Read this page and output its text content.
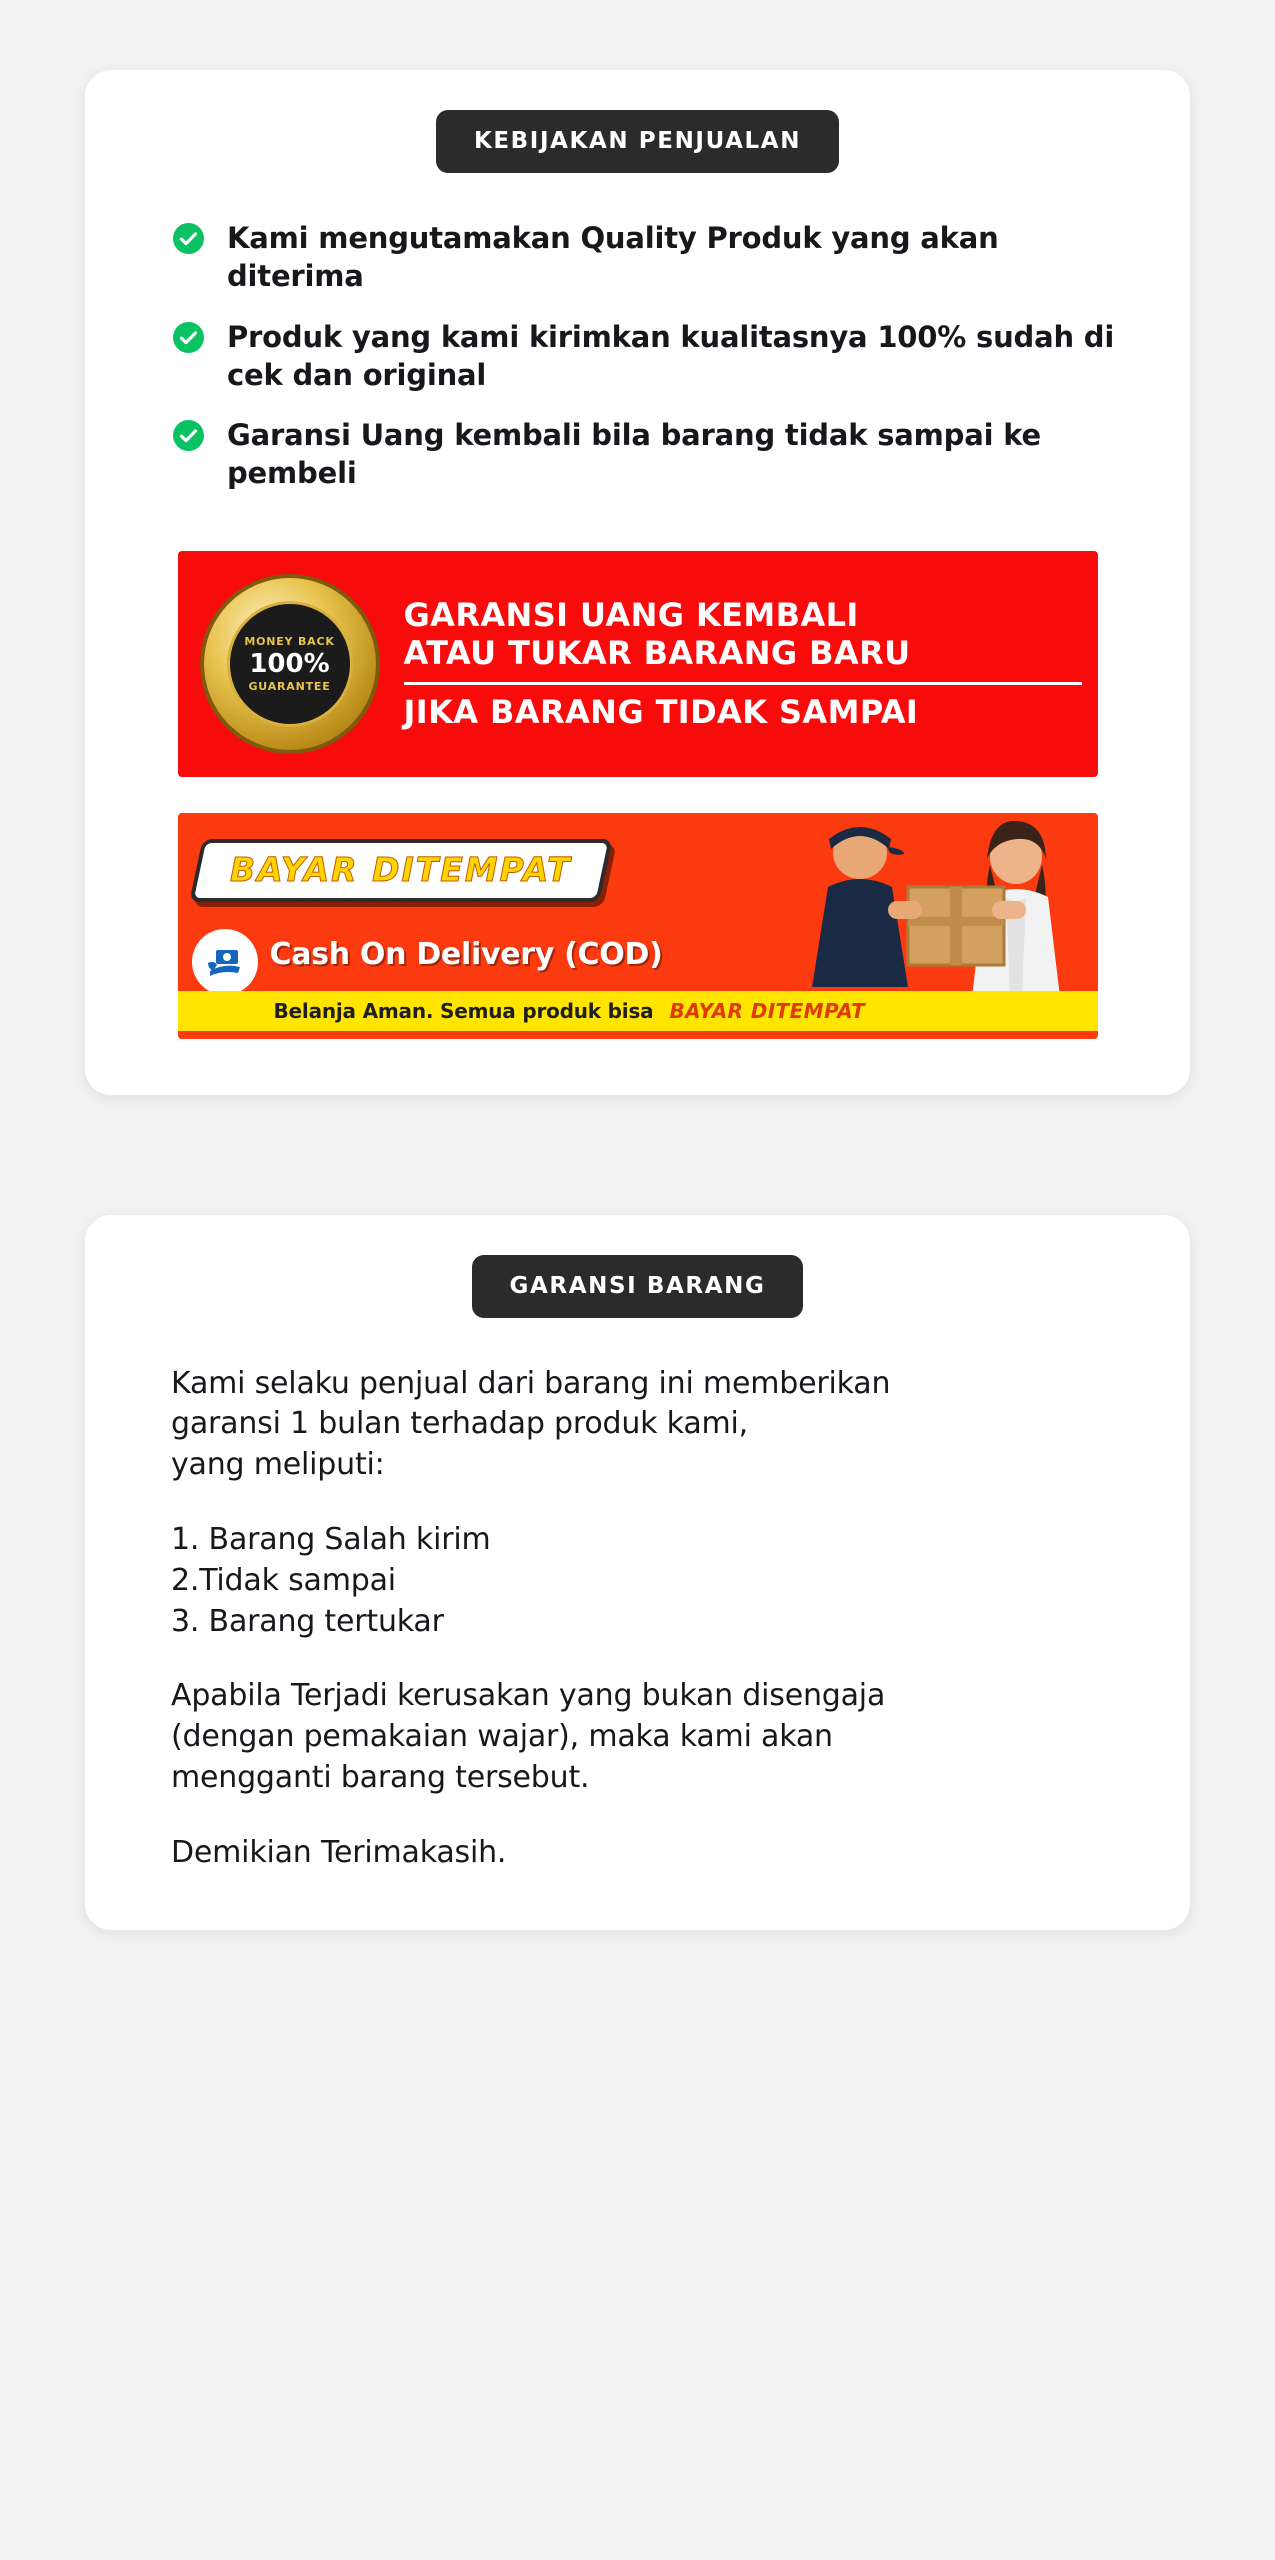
KEBIJAKAN PENJUALAN
Kami mengutamakan Quality Produk yang akan diterima
Produk yang kami kirimkan kualitasnya 100% sudah di cek dan original
Garansi Uang kembali bila barang tidak sampai ke pembeli
MONEY BACK
100%
GUARANTEE
GARANSI UANG KEMBALI
ATAU TUKAR BARANG BARU
JIKA BARANG TIDAK SAMPAI
BAYAR DITEMPAT
Cash On Delivery (COD)
Belanja Aman. Semua produk bisa BAYAR DITEMPAT
GARANSI BARANG

Kami selaku penjual dari barang ini memberikan
garansi 1 bulan terhadap produk kami,
yang meliputi:

1. Barang Salah kirim
2.Tidak sampai
3. Barang tertukar

Apabila Terjadi kerusakan yang bukan disengaja
(dengan pemakaian wajar), maka kami akan
mengganti barang tersebut.

Demikian Terimakasih.
